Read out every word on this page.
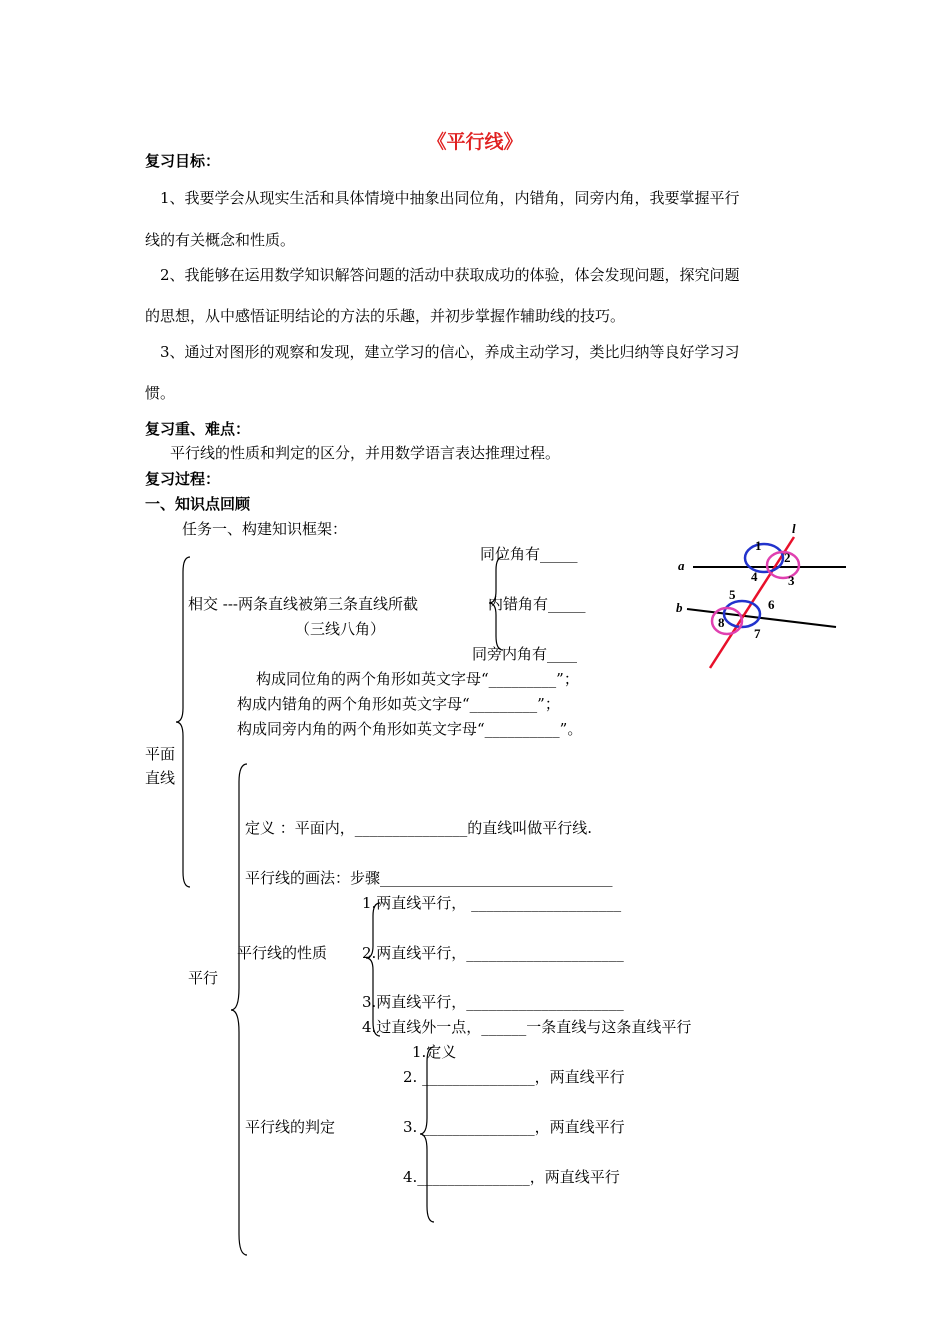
《平行线》
复习目标：
1、我要学会从现实生活和具体情境中抽象出同位角，内错角，同旁内角，我要掌握平行
线的有关概念和性质。
2、我能够在运用数学知识解答问题的活动中获取成功的体验，体会发现问题，探究问题
的思想，从中感悟证明结论的方法的乐趣，并初步掌握作辅助线的技巧。
3、通过对图形的观察和发现，建立学习的信心，养成主动学习，类比归纳等良好学习习
惯。
复习重、难点：
平行线的性质和判定的区分，并用数学语言表达推理过程。
复习过程：
一、知识点回顾
任务一、构建知识框架：
同位角有_____
相交 ---两条直线被第三条直线所截	内错角有_____
（三线八角）
同旁内角有____
构成同位角的两个角形如英文字母“_________”；
构成内错角的两个角形如英文字母“_________”；
构成同旁内角的两个角形如英文字母“__________”。
平面
直线
定义 ：平面内，_______________的直线叫做平行线.
平行线的画法：步骤_______________________________
1.两直线平行， ____________________
平行线的性质 2.两直线平行，_____________________
平行
3.两直线平行，_____________________
4.过直线外一点，______一条直线与这条直线平行
1.定义
2. _______________，两直线平行
平行线的判定	3. _______________，两直线平行
4._______________，两直线平行
l
a
b
1
2
3
4
5
6
7
8
